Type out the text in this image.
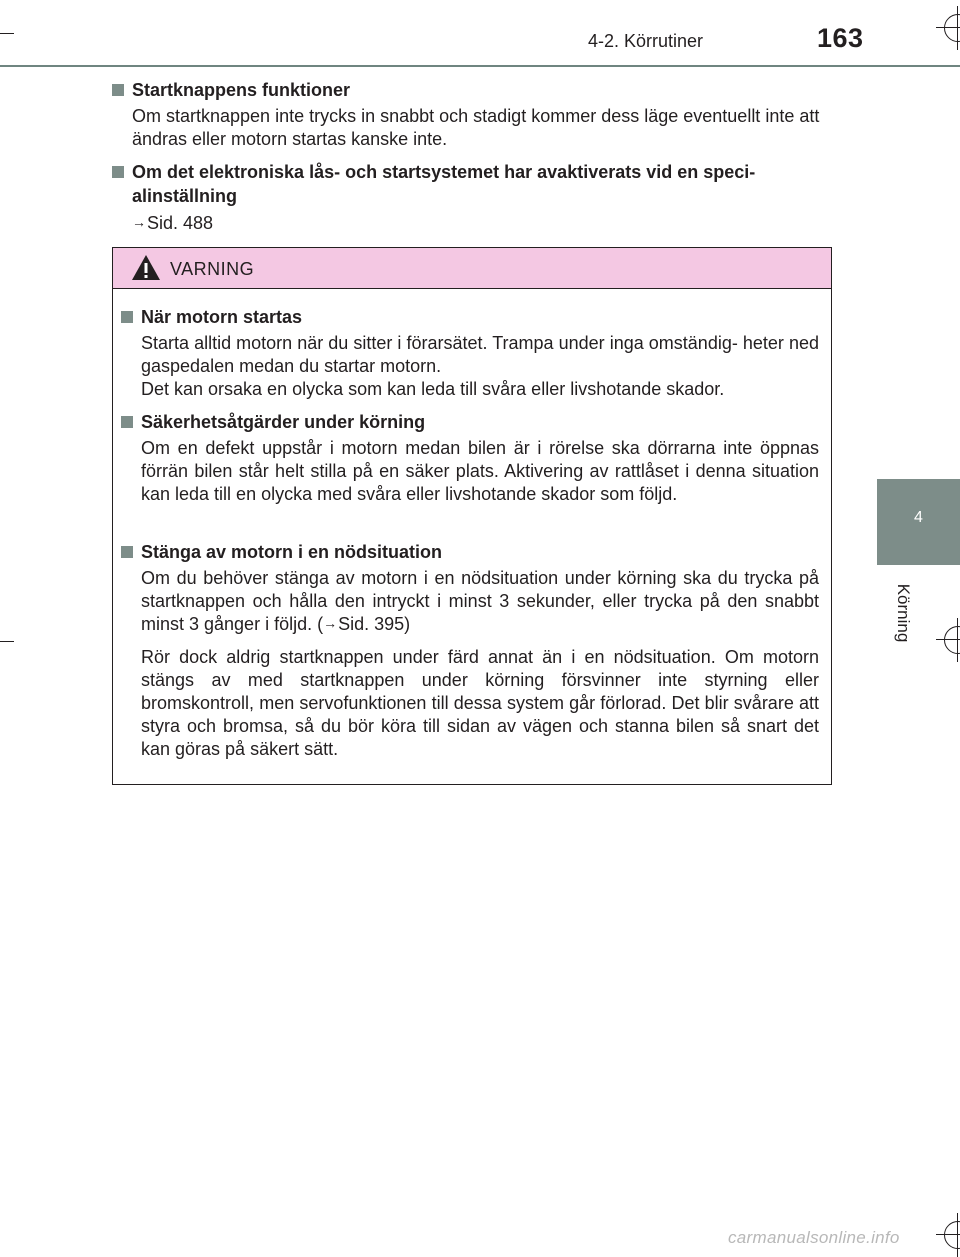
4-2. Körrutiner	163
4
Körning
Startknappens funktioner
Om startknappen inte trycks in snabbt och stadigt kommer dess läge eventuellt inte att ändras eller motorn startas kanske inte.
Om det elektroniska lås- och startsystemet har avaktiverats vid en speci- alinställning
→Sid. 488
VARNING
När motorn startas

Starta alltid motorn när du sitter i förarsätet. Trampa under inga omständig- heter ned gaspedalen medan du startar motorn.

Det kan orsaka en olycka som kan leda till svåra eller livshotande skador.

Säkerhetsåtgärder under körning

Om en defekt uppstår i motorn medan bilen är i rörelse ska dörrarna inte öppnas förrän bilen står helt stilla på en säker plats. Aktivering av rattlåset i denna situation kan leda till en olycka med svåra eller livshotande skador som följd.

Stänga av motorn i en nödsituation

Om du behöver stänga av motorn i en nödsituation under körning ska du trycka på startknappen och hålla den intryckt i minst 3 sekunder, eller trycka på den snabbt minst 3 gånger i följd. (→Sid. 395)

Rör dock aldrig startknappen under färd annat än i en nödsituation. Om motorn stängs av med startknappen under körning försvinner inte styrning eller bromskontroll, men servofunktionen till dessa system går förlorad. Det blir svårare att styra och bromsa, så du bör köra till sidan av vägen och stanna bilen så snart det kan göras på säkert sätt.

carmanualsonline.info
